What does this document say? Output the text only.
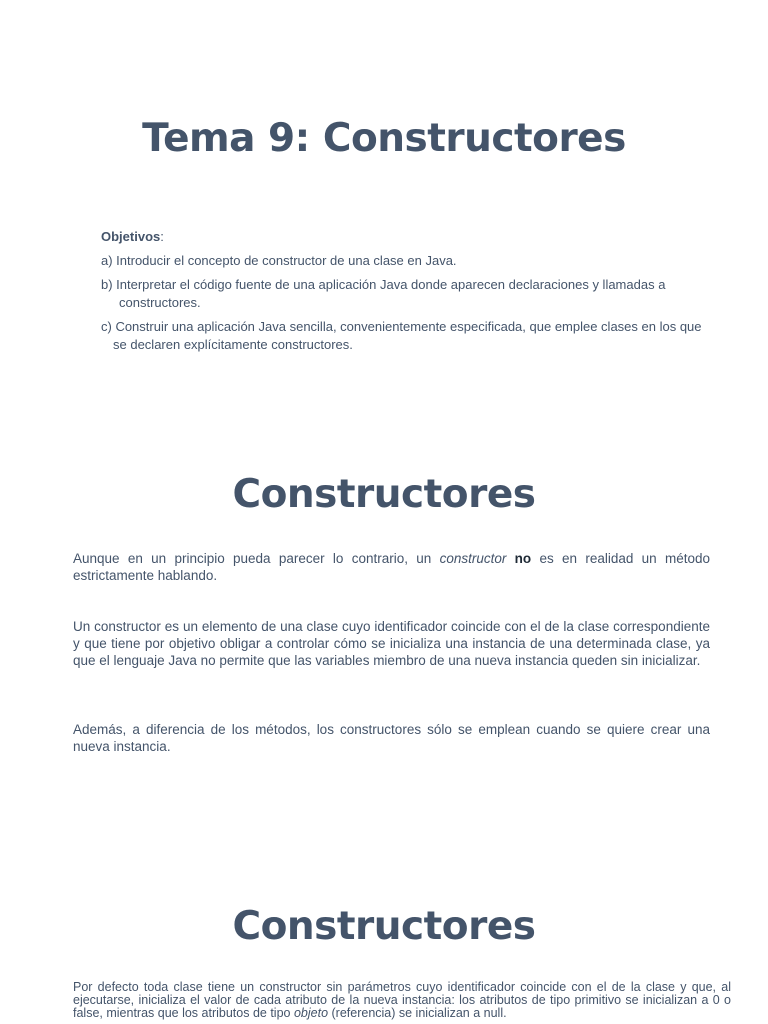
Tema 9: Constructores

Objetivos:

a) Introducir el concepto de constructor de una clase en Java.

b) Interpretar el código fuente de una aplicación Java donde aparecen declaraciones y llamadas a constructores.

c) Construir una aplicación Java sencilla, convenientemente especificada, que emplee clases en los que se declaren explícitamente constructores.

Constructores

Aunque en un principio pueda parecer lo contrario, un constructor no es en realidad un método estrictamente hablando.

Un constructor es un elemento de una clase cuyo identificador coincide con el de la clase correspondiente y que tiene por objetivo obligar a controlar cómo se inicializa una instancia de una determinada clase, ya que el lenguaje Java no permite que las variables miembro de una nueva instancia queden sin inicializar.

Además, a diferencia de los métodos, los constructores sólo se emplean cuando se quiere crear una nueva instancia.

Constructores

Por defecto toda clase tiene un constructor sin parámetros cuyo identificador coincide con el de la clase y que, al ejecutarse, inicializa el valor de cada atributo de la nueva instancia: los atributos de tipo primitivo se inicializan a 0 o false, mientras que los atributos de tipo objeto (referencia) se inicializan a null.
